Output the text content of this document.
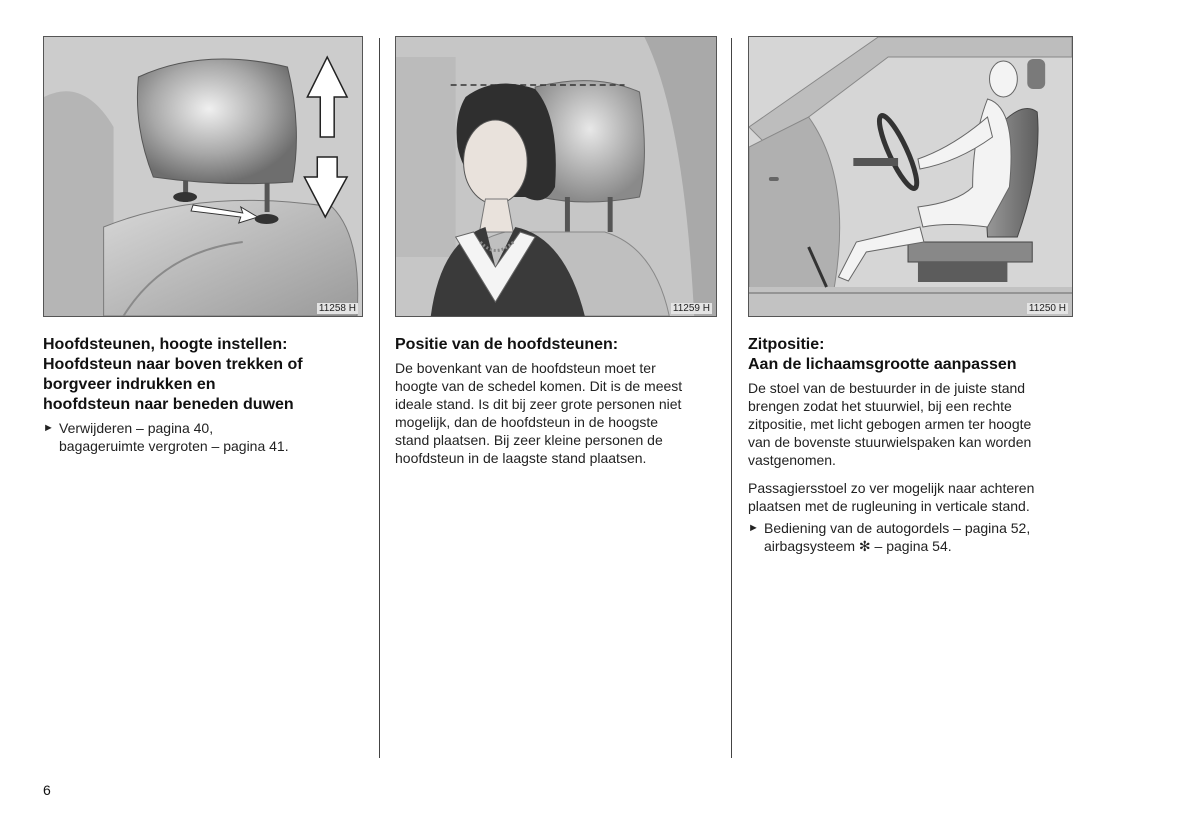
11258 H
Hoofdsteunen, hoogte instellen:
Hoofdsteun naar boven trekken of
borgveer indrukken en
hoofdsteun naar beneden duwen
► Verwijderen – pagina 40,
bagageruimte vergroten – pagina 41.
11259 H
Positie van de hoofdsteunen:

De bovenkant van de hoofdsteun moet ter
hoogte van de schedel komen. Dit is de meest
ideale stand. Is dit bij zeer grote personen niet
mogelijk, dan de hoofdsteun in de hoogste
stand plaatsen. Bij zeer kleine personen de
hoofdsteun in de laagste stand plaatsen.

11250 H
Zitpositie:
Aan de lichaamsgrootte aanpassen

De stoel van de bestuurder in de juiste stand
brengen zodat het stuurwiel, bij een rechte
zitpositie, met licht gebogen armen ter hoogte
van de bovenste stuurwielspaken kan worden
vastgenomen.

Passagiersstoel zo ver mogelijk naar achteren
plaatsen met de rugleuning in verticale stand.

► Bediening van de autogordels – pagina 52,
airbagsysteem ✻ – pagina 54.
6
